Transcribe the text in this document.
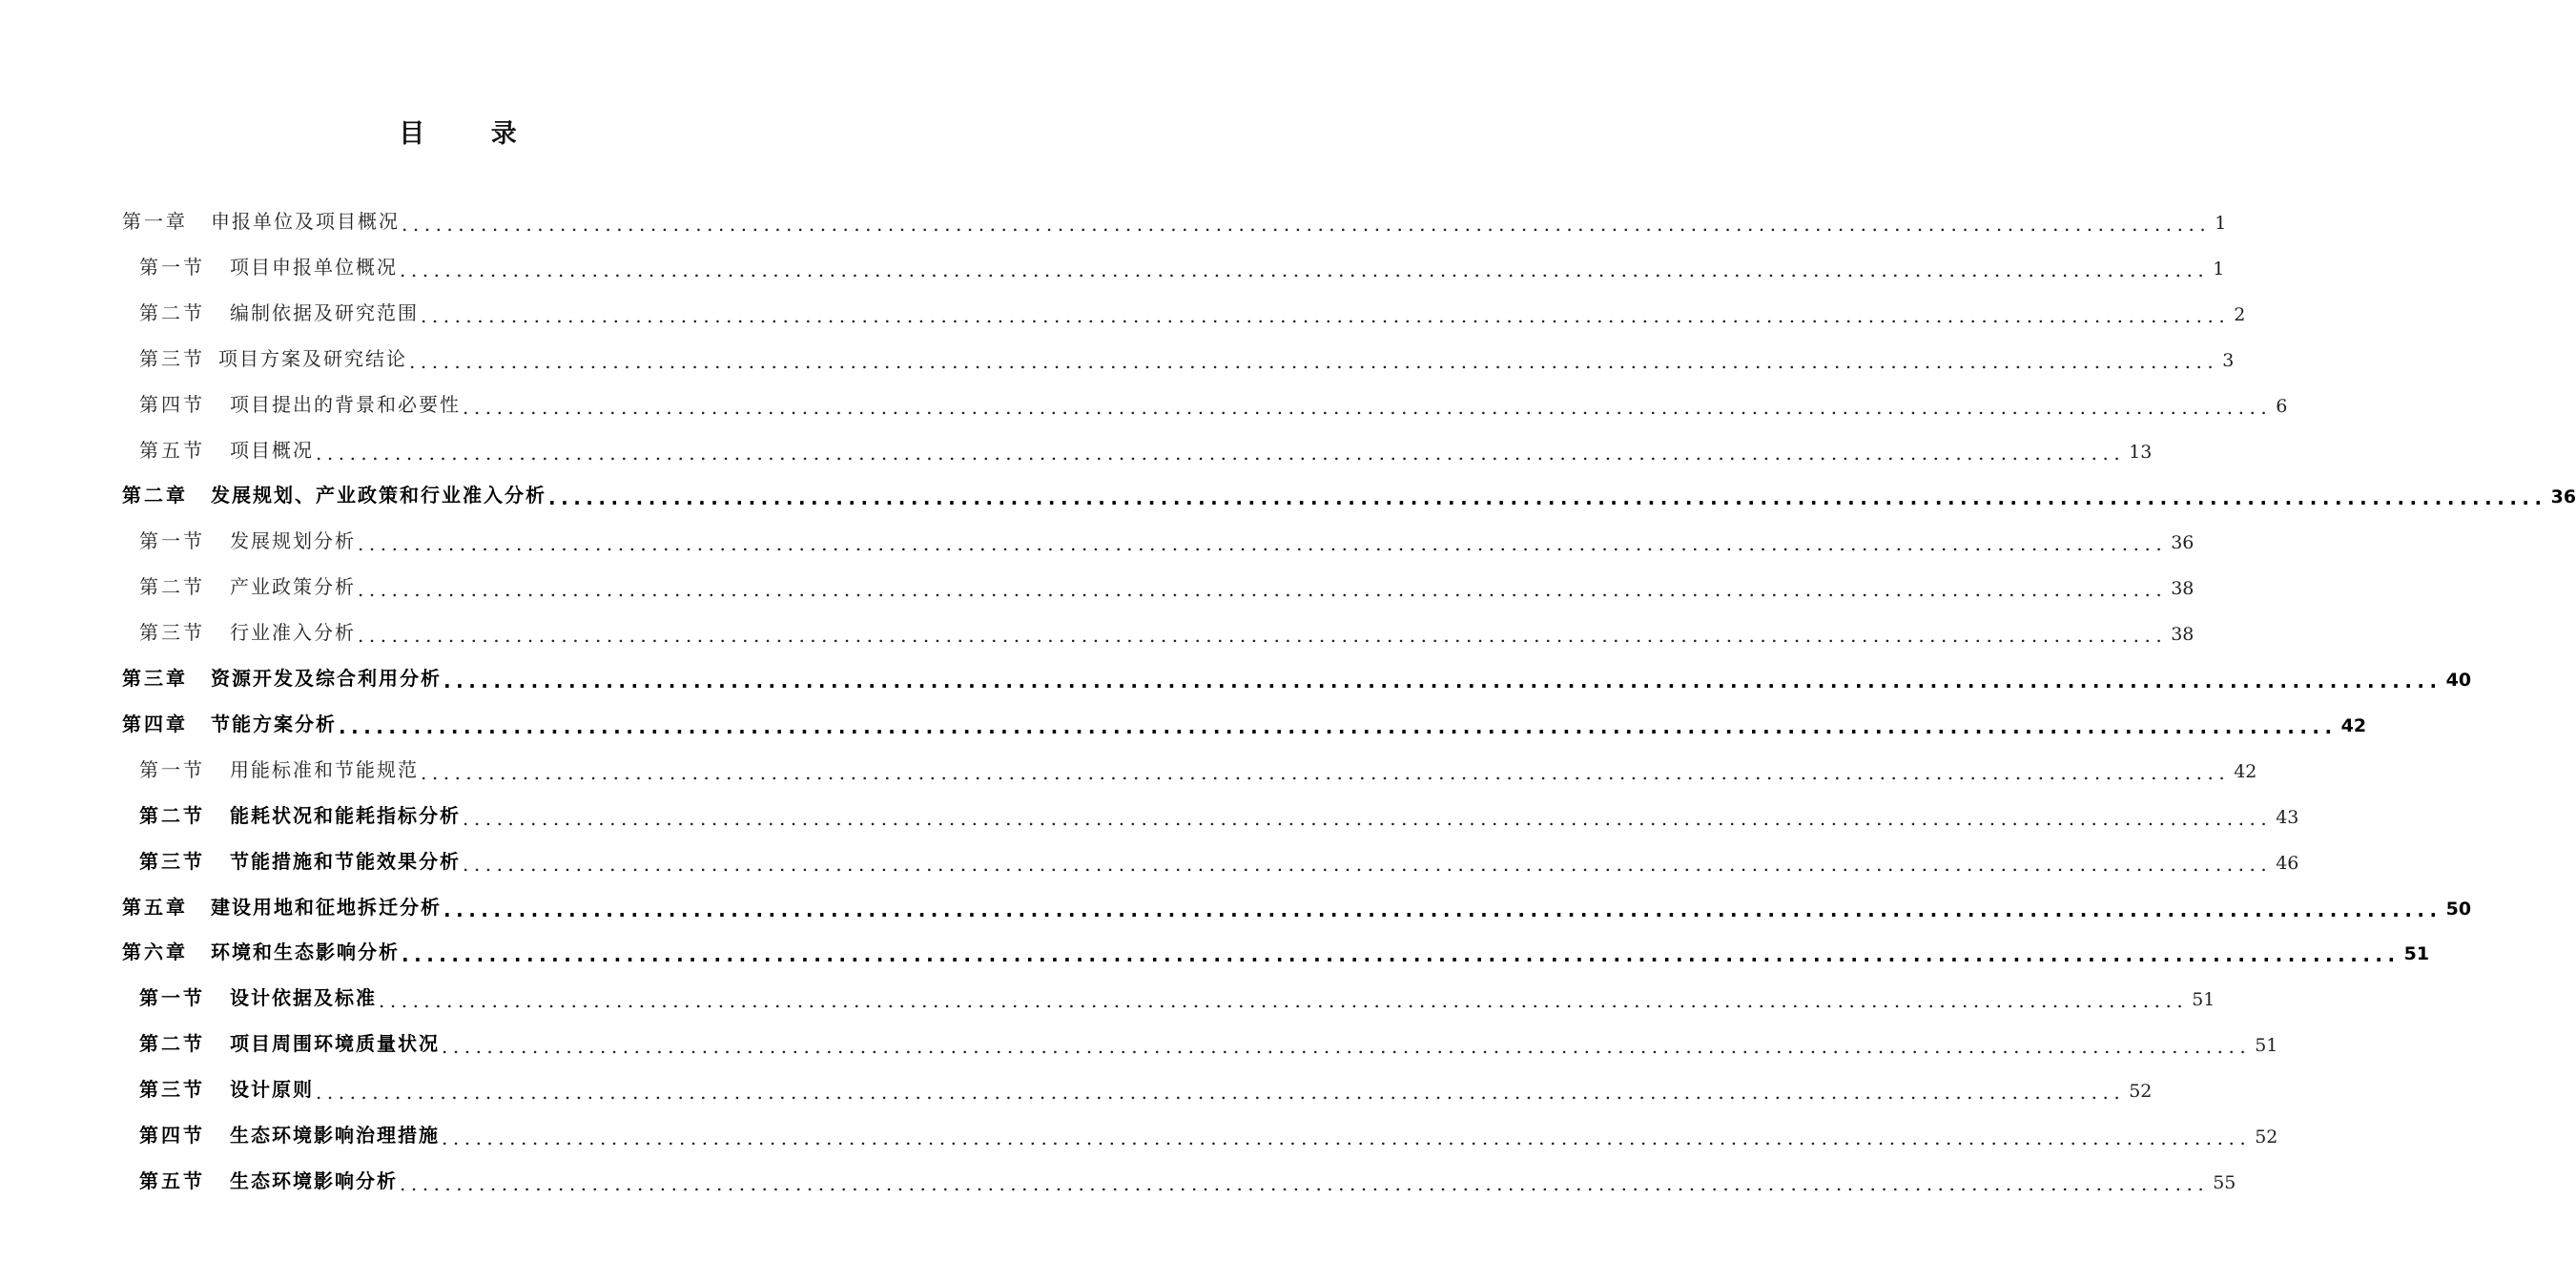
目 录
第一章 申报单位及项目概况 ................................................................................................................................................................ 1
第一节 项目申报单位概况 ................................................................................................................................................................ 1
第二节 编制依据及研究范围 ................................................................................................................................................................ 2
第三节 项目方案及研究结论 ................................................................................................................................................................ 3
第四节 项目提出的背景和必要性 ................................................................................................................................................................ 6
第五节 项目概况 ................................................................................................................................................................ 13
第二章 发展规划、产业政策和行业准入分析 ................................................................................................................................................................ 36
第一节 发展规划分析 ................................................................................................................................................................ 36
第二节 产业政策分析 ................................................................................................................................................................ 38
第三节 行业准入分析 ................................................................................................................................................................ 38
第三章 资源开发及综合利用分析 ................................................................................................................................................................ 40
第四章 节能方案分析 ................................................................................................................................................................ 42
第一节 用能标准和节能规范 ................................................................................................................................................................ 42
第二节 能耗状况和能耗指标分析 ................................................................................................................................................................ 43
第三节 节能措施和节能效果分析 ................................................................................................................................................................ 46
第五章 建设用地和征地拆迁分析 ................................................................................................................................................................ 50
第六章 环境和生态影响分析 ................................................................................................................................................................ 51
第一节 设计依据及标准 ................................................................................................................................................................ 51
第二节 项目周围环境质量状况 ................................................................................................................................................................ 51
第三节 设计原则 ................................................................................................................................................................ 52
第四节 生态环境影响治理措施 ................................................................................................................................................................ 52
第五节 生态环境影响分析 ................................................................................................................................................................ 55
